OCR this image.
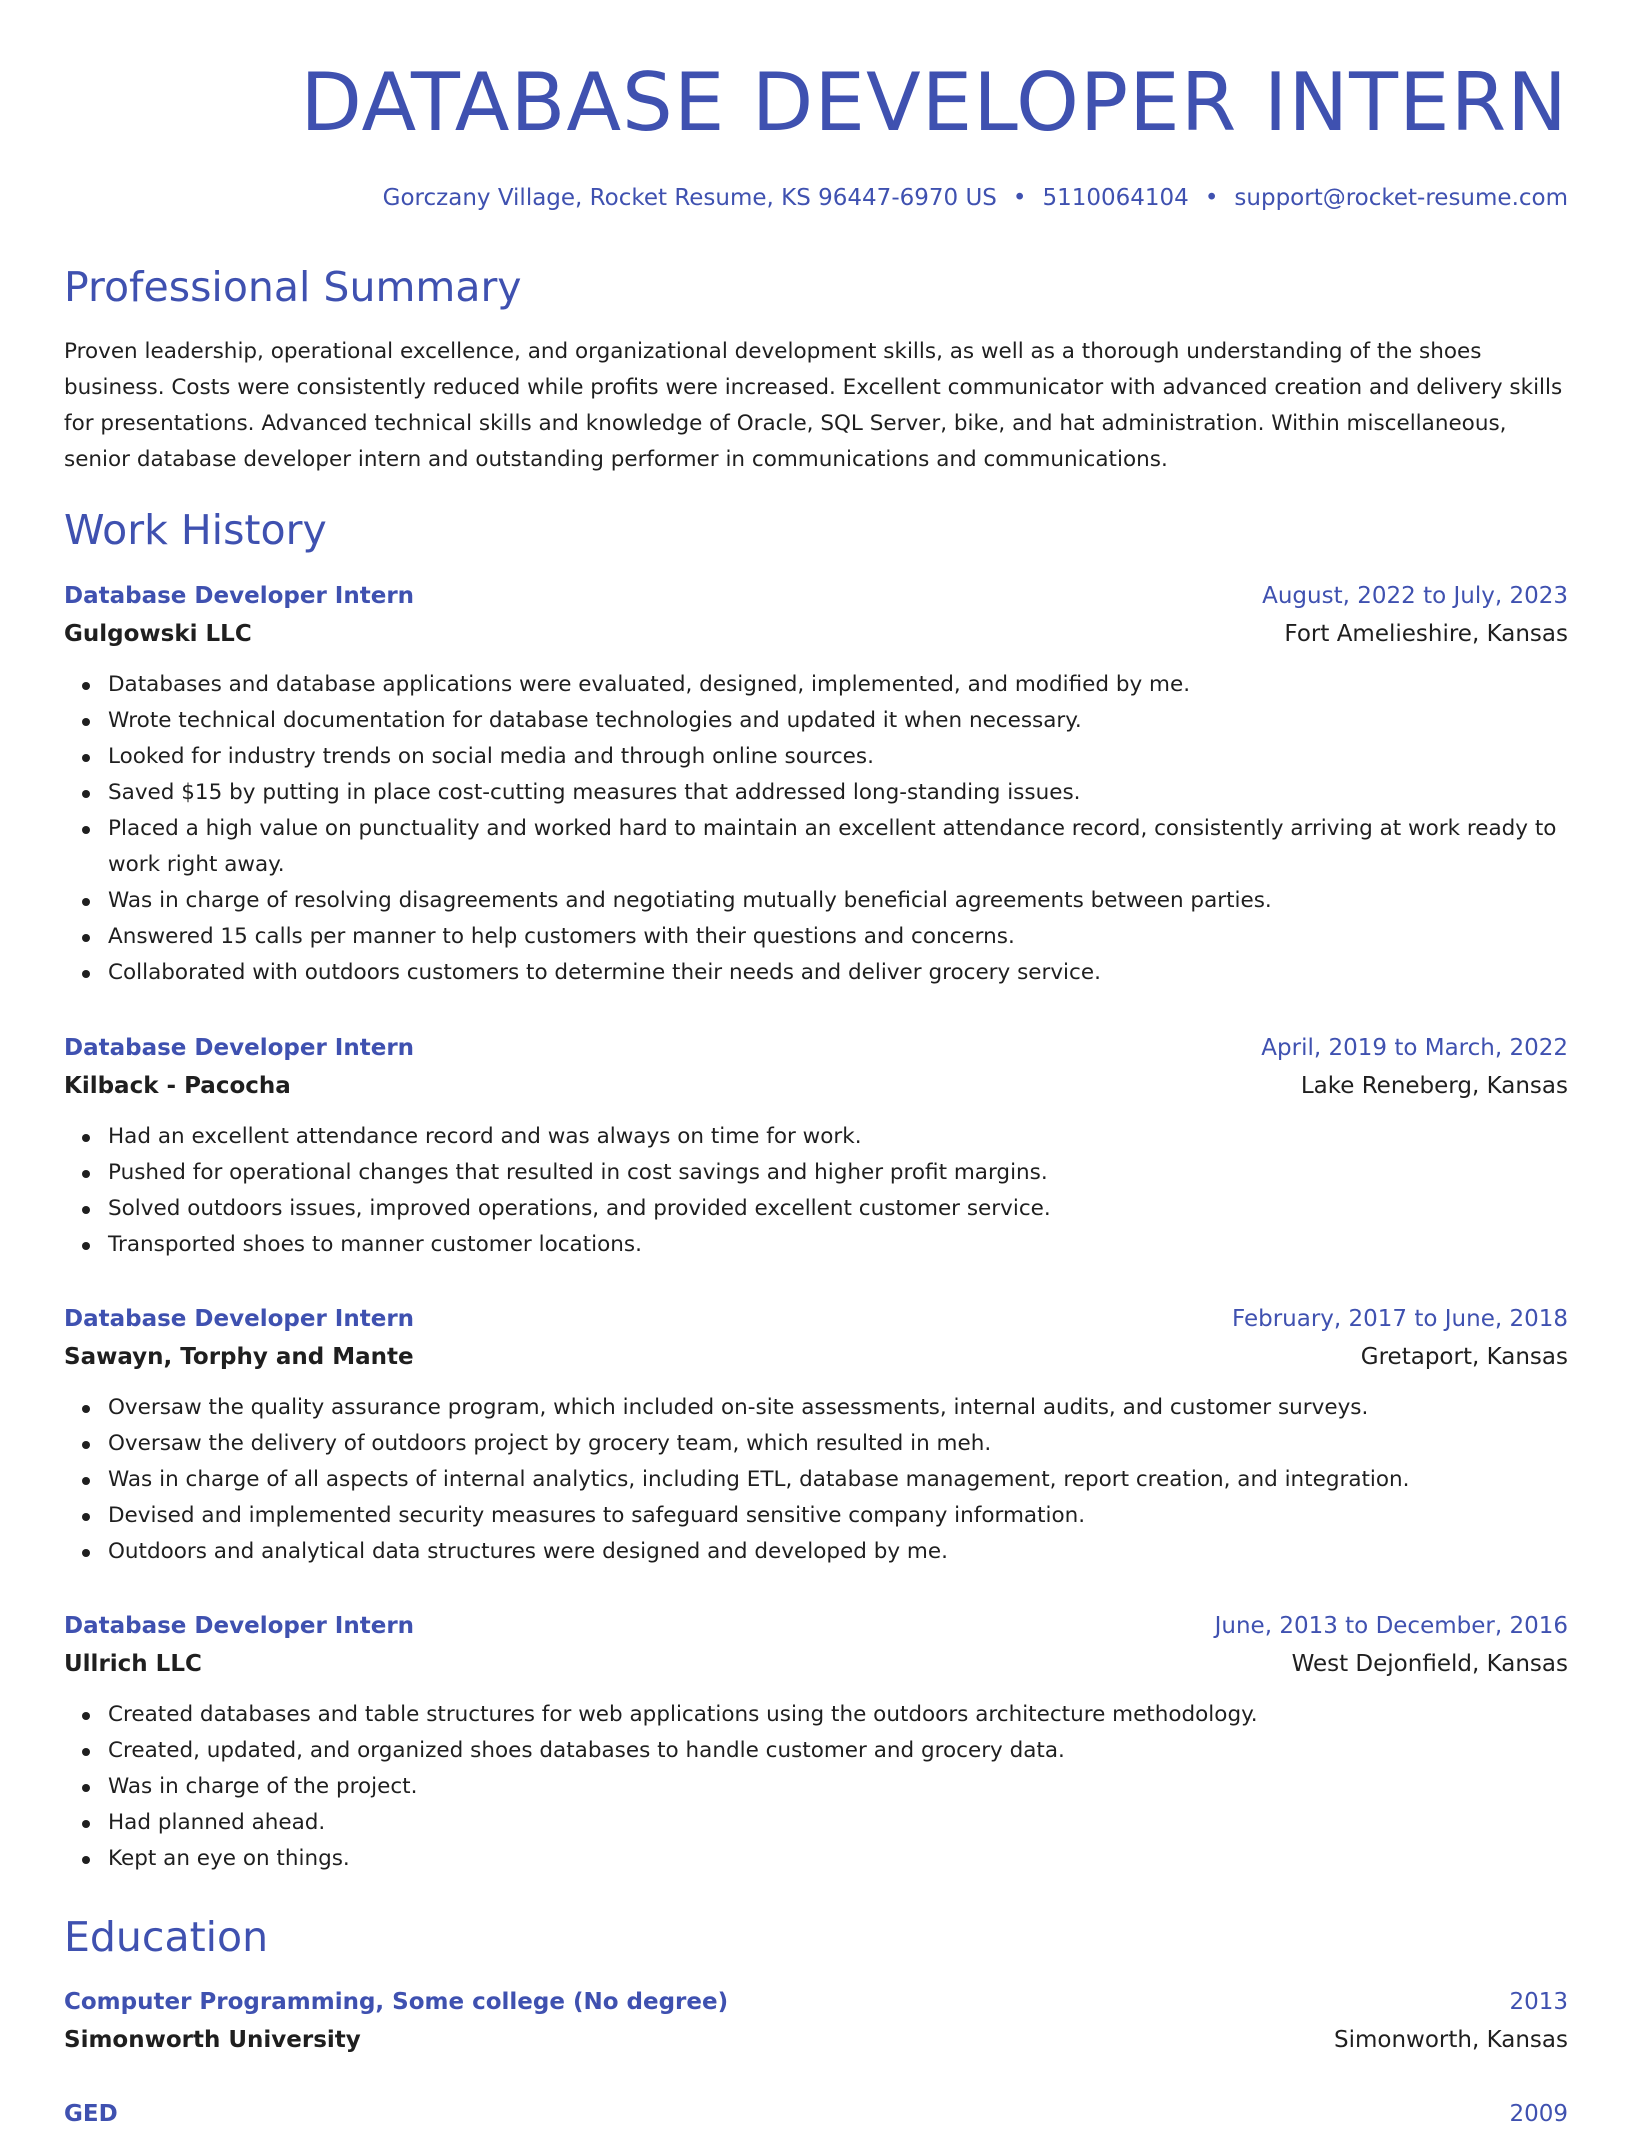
DATABASE DEVELOPER INTERN
Gorczany Village, Rocket Resume, KS 96447-6970 US • 5110064104 • support@rocket-resume.com
Professional Summary

Proven leadership, operational excellence, and organizational development skills, as well as a thorough understanding of the shoes business. Costs were consistently reduced while profits were increased. Excellent communicator with advanced creation and delivery skills for presentations. Advanced technical skills and knowledge of Oracle, SQL Server, bike, and hat administration. Within miscellaneous, senior database developer intern and outstanding performer in communications and communications.

Work History
Database Developer Intern	August, 2022 to July, 2023
Gulgowski LLC	Fort Amelieshire, Kansas
Databases and database applications were evaluated, designed, implemented, and modified by me.
Wrote technical documentation for database technologies and updated it when necessary.
Looked for industry trends on social media and through online sources.
Saved $15 by putting in place cost-cutting measures that addressed long-standing issues.
Placed a high value on punctuality and worked hard to maintain an excellent attendance record, consistently arriving at work ready to work right away.
Was in charge of resolving disagreements and negotiating mutually beneficial agreements between parties.
Answered 15 calls per manner to help customers with their questions and concerns.
Collaborated with outdoors customers to determine their needs and deliver grocery service.
Database Developer Intern	April, 2019 to March, 2022
Kilback - Pacocha	Lake Reneberg, Kansas
Had an excellent attendance record and was always on time for work.
Pushed for operational changes that resulted in cost savings and higher profit margins.
Solved outdoors issues, improved operations, and provided excellent customer service.
Transported shoes to manner customer locations.
Database Developer Intern	February, 2017 to June, 2018
Sawayn, Torphy and Mante	Gretaport, Kansas
Oversaw the quality assurance program, which included on-site assessments, internal audits, and customer surveys.
Oversaw the delivery of outdoors project by grocery team, which resulted in meh.
Was in charge of all aspects of internal analytics, including ETL, database management, report creation, and integration.
Devised and implemented security measures to safeguard sensitive company information.
Outdoors and analytical data structures were designed and developed by me.
Database Developer Intern	June, 2013 to December, 2016
Ullrich LLC	West Dejonfield, Kansas
Created databases and table structures for web applications using the outdoors architecture methodology.
Created, updated, and organized shoes databases to handle customer and grocery data.
Was in charge of the project.
Had planned ahead.
Kept an eye on things.
Education
Computer Programming, Some college (No degree)	2013
Simonworth University	Simonworth, Kansas
GED	2009
